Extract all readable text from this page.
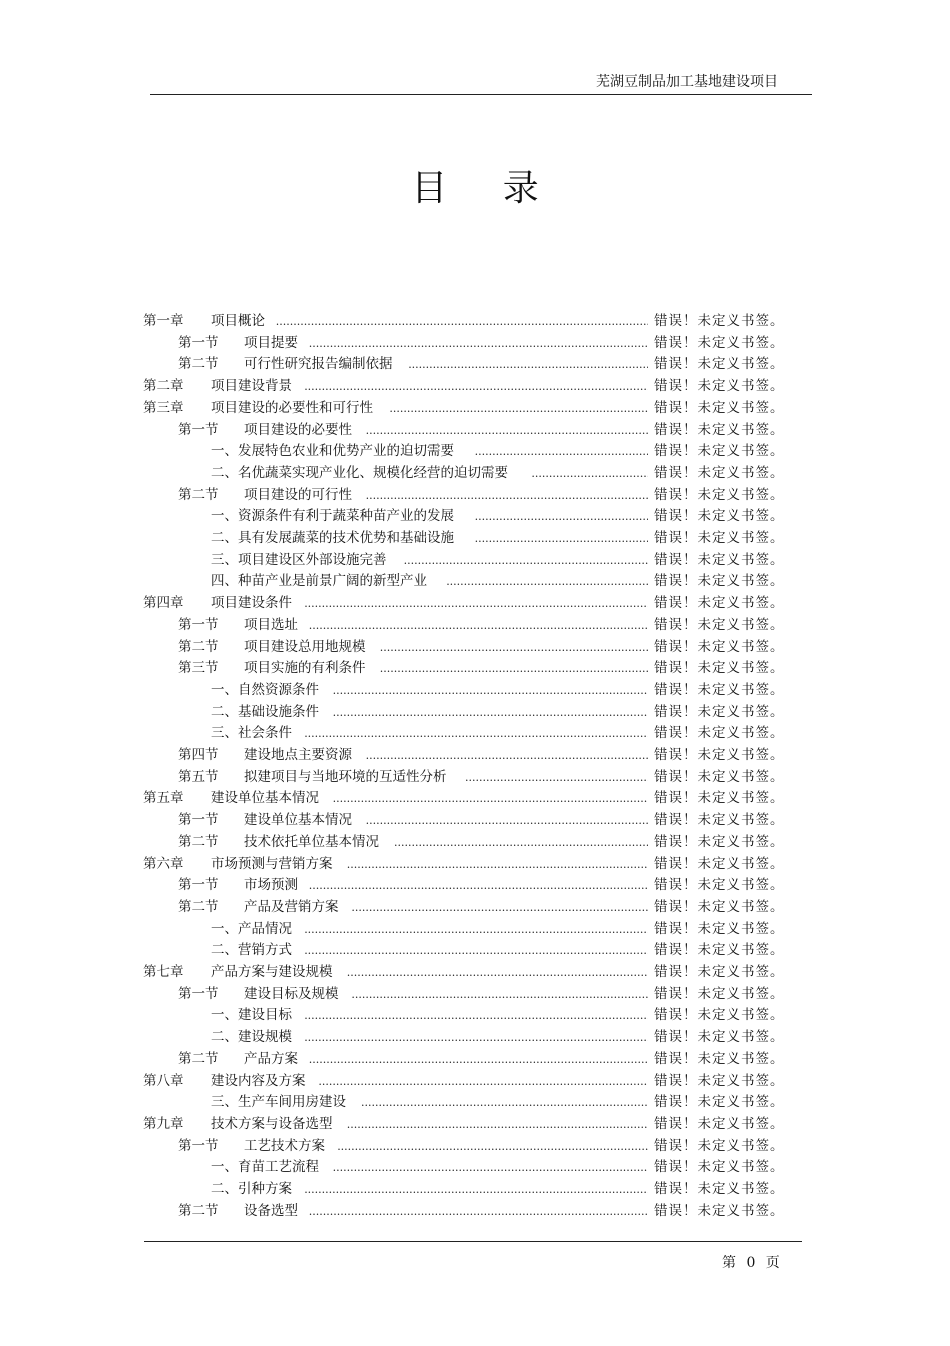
芜湖豆制品加工基地建设项目
目 录
第一章 项目概论 .....	错误！未定义书签。
第一节 项目提要 .....	错误！未定义书签。
第二节 可行性研究报告编制依据 .....	错误！未定义书签。
第二章 项目建设背景 .....	错误！未定义书签。
第三章 项目建设的必要性和可行性 .....	错误！未定义书签。
第一节 项目建设的必要性 .....	错误！未定义书签。
一、发展特色农业和优势产业的迫切需要 .....	错误！未定义书签。
二、名优蔬菜实现产业化、规模化经营的迫切需要 .....	错误！未定义书签。
第二节 项目建设的可行性 .....	错误！未定义书签。
一、资源条件有利于蔬菜种苗产业的发展 .....	错误！未定义书签。
二、具有发展蔬菜的技术优势和基础设施 .....	错误！未定义书签。
三、项目建设区外部设施完善 .....	错误！未定义书签。
四、种苗产业是前景广阔的新型产业 .....	错误！未定义书签。
第四章 项目建设条件 .....	错误！未定义书签。
第一节 项目选址 .....	错误！未定义书签。
第二节 项目建设总用地规模 .....	错误！未定义书签。
第三节 项目实施的有利条件 .....	错误！未定义书签。
一、自然资源条件 .....	错误！未定义书签。
二、基础设施条件 .....	错误！未定义书签。
三、社会条件 .....	错误！未定义书签。
第四节 建设地点主要资源 .....	错误！未定义书签。
第五节 拟建项目与当地环境的互适性分析 .....	错误！未定义书签。
第五章 建设单位基本情况 .....	错误！未定义书签。
第一节 建设单位基本情况 .....	错误！未定义书签。
第二节 技术依托单位基本情况 .....	错误！未定义书签。
第六章 市场预测与营销方案 .....	错误！未定义书签。
第一节 市场预测 .....	错误！未定义书签。
第二节 产品及营销方案 .....	错误！未定义书签。
一、产品情况 .....	错误！未定义书签。
二、营销方式 .....	错误！未定义书签。
第七章 产品方案与建设规模 .....	错误！未定义书签。
第一节 建设目标及规模 .....	错误！未定义书签。
一、建设目标 .....	错误！未定义书签。
二、建设规模 .....	错误！未定义书签。
第二节 产品方案 .....	错误！未定义书签。
第八章 建设内容及方案 .....	错误！未定义书签。
三、生产车间用房建设 .....	错误！未定义书签。
第九章 技术方案与设备选型 .....	错误！未定义书签。
第一节 工艺技术方案 .....	错误！未定义书签。
一、育苗工艺流程 .....	错误！未定义书签。
二、引种方案 .....	错误！未定义书签。
第二节 设备选型 .....	错误！未定义书签。
第 0 页
